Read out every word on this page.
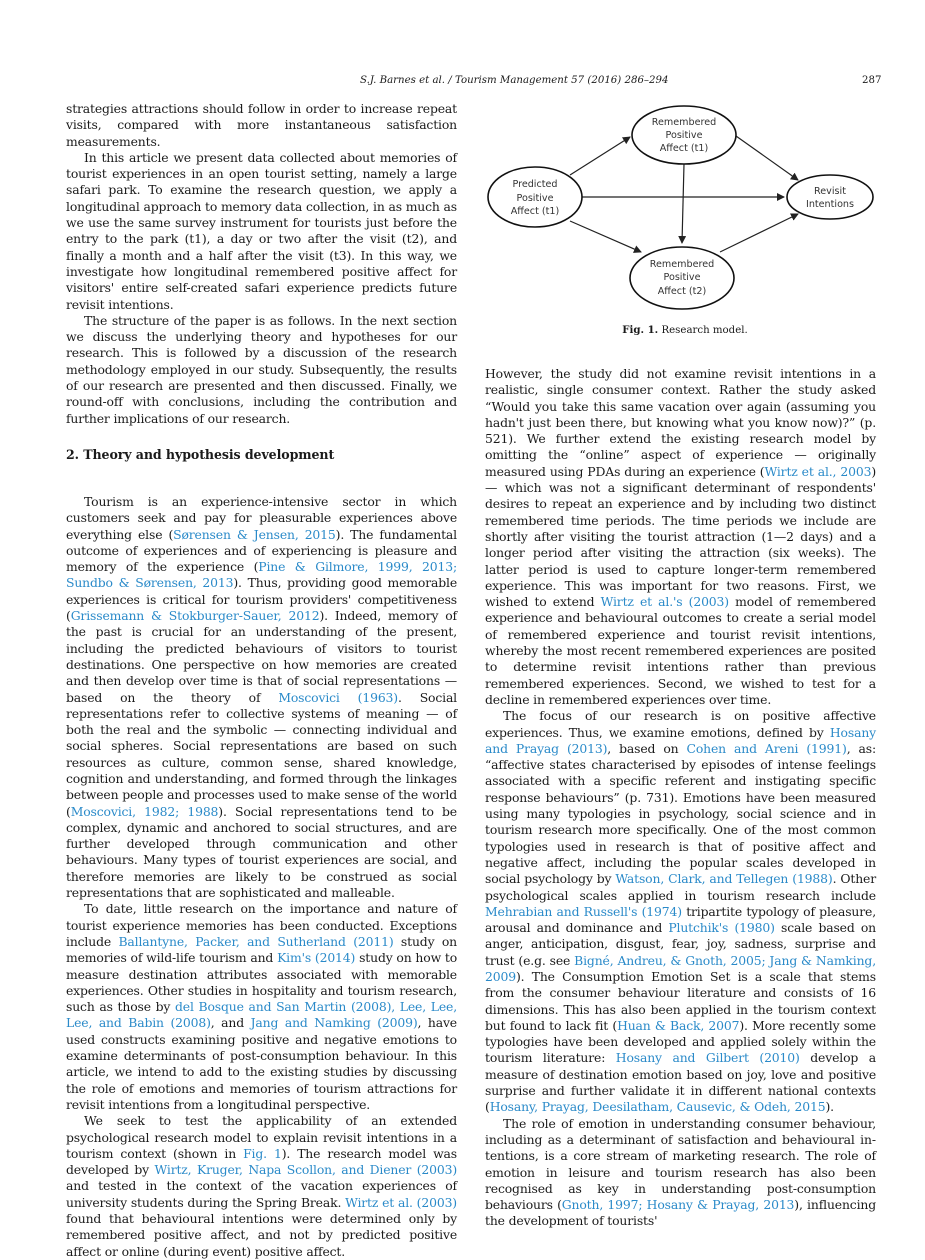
S.J. Barnes et al. / Tourism Management 57 (2016) 286–294	287

strategies attractions should follow in order to increase repeat visits, compared with more instantaneous satisfaction measurements.

In this article we present data collected about memories of tourist experiences in an open tourist setting, namely a large safari park. To examine the research question, we apply a longitudinal approach to memory data collection, in as much as we use the same survey instrument for tourists just before the entry to the park (t1), a day or two after the visit (t2), and finally a month and a half after the visit (t3). In this way, we investigate how longitudinal remembered positive affect for visitors' entire self-created safari experience predicts future revisit intentions.

The structure of the paper is as follows. In the next section we discuss the underlying theory and hypotheses for our research. This is followed by a discussion of the research methodology employed in our study. Subsequently, the results of our research are presented and then discussed. Finally, we round-off with conclusions, including the contribution and further implications of our research.

2. Theory and hypothesis development

Tourism is an experience-intensive sector in which customers seek and pay for pleasurable experiences above everything else (Sørensen & Jensen, 2015). The fundamental outcome of experiences and of experiencing is pleasure and memory of the experience (Pine & Gilmore, 1999, 2013; Sundbo & Sørensen, 2013). Thus, providing good memorable experiences is critical for tourism providers' competitiveness (Grissemann & Stokburger-Sauer, 2012). Indeed, memory of the past is crucial for an understanding of the present, including the predicted behaviours of visitors to tourist destinations. One perspective on how memories are created and then develop over time is that of social representations — based on the theory of Moscovici (1963). Social representations refer to collective systems of meaning — of both the real and the symbolic — connecting individual and social spheres. Social representations are based on such resources as culture, common sense, shared knowledge, cognition and understanding, and formed through the linkages between people and processes used to make sense of the world (Moscovici, 1982; 1988). Social representations tend to be complex, dynamic and anchored to social structures, and are further developed through communication and other behaviours. Many types of tourist experiences are social, and therefore memories are likely to be construed as social representations that are sophisticated and malleable.

To date, little research on the importance and nature of tourist experience memories has been conducted. Exceptions include Ballantyne, Packer, and Sutherland (2011) study on memories of wild-life tourism and Kim's (2014) study on how to measure destination attributes associated with memorable experiences. Other studies in hospitality and tourism research, such as those by del Bosque and San Martin (2008), Lee, Lee, Lee, and Babin (2008), and Jang and Namking (2009), have used constructs examining positive and negative emotions to examine determinants of post-consumption behaviour. In this article, we intend to add to the existing studies by discussing the role of emotions and memories of tourism attractions for revisit intentions from a longitudinal perspective.

We seek to test the applicability of an extended psychological research model to explain revisit intentions in a tourism context (shown in Fig. 1). The research model was developed by Wirtz, Kruger, Napa Scollon, and Diener (2003) and tested in the context of the vacation experiences of university students during the Spring Break. Wirtz et al. (2003) found that behavioural intentions were determined only by remembered positive affect, and not by predicted positive affect or online (during event) positive affect.

Predicted
Positive
Affect (t1)
Remembered
Positive
Affect (t1)
Remembered
Positive
Affect (t2)
Revisit
Intentions
Fig. 1. Research model.

However, the study did not examine revisit intentions in a realistic, single consumer context. Rather the study asked “Would you take this same vacation over again (assuming you hadn't just been there, but knowing what you know now)?” (p. 521). We further extend the existing research model by omitting the “online” aspect of experience — originally measured using PDAs during an experience (Wirtz et al., 2003) — which was not a significant determinant of respondents' desires to repeat an experience and by including two distinct remembered time periods. The time periods we include are shortly after visiting the tourist attraction (1—2 days) and a longer period after visiting the attraction (six weeks). The latter period is used to capture longer-term remembered experience. This was important for two reasons. First, we wished to extend Wirtz et al.'s (2003) model of remembered experience and behavioural outcomes to create a serial model of remembered experience and tourist revisit intentions, whereby the most recent remembered experiences are posited to determine revisit intentions rather than previous remembered experiences. Second, we wished to test for a decline in remembered experiences over time.

The focus of our research is on positive affective experiences. Thus, we examine emotions, defined by Hosany and Prayag (2013), based on Cohen and Areni (1991), as: “affective states characterised by episodes of intense feelings associated with a specific referent and instigating specific response behaviours” (p. 731). Emotions have been measured using many typologies in psychology, social science and in tourism research more specifically. One of the most common typologies used in research is that of positive affect and negative affect, including the popular scales developed in social psychology by Watson, Clark, and Tellegen (1988). Other psychological scales applied in tourism research include Mehrabian and Russell's (1974) tripartite typology of pleasure, arousal and dominance and Plutchik's (1980) scale based on anger, anticipation, disgust, fear, joy, sadness, surprise and trust (e.g. see Bigné, Andreu, & Gnoth, 2005; Jang & Namking, 2009). The Consumption Emotion Set is a scale that stems from the consumer behaviour literature and consists of 16 dimensions. This has also been applied in the tourism context but found to lack fit (Huan & Back, 2007). More recently some typologies have been developed and applied solely within the tourism literature: Hosany and Gilbert (2010) develop a measure of destination emotion based on joy, love and positive surprise and further validate it in different national contexts (Hosany, Prayag, Deesilatham, Causevic, & Odeh, 2015).

The role of emotion in understanding consumer behaviour, including as a determinant of satisfaction and behavioural intentions, is a core stream of marketing research. The role of emotion in leisure and tourism research has also been recognised as key in understanding post-consumption behaviours (Gnoth, 1997; Hosany & Prayag, 2013), influencing the development of tourists'
